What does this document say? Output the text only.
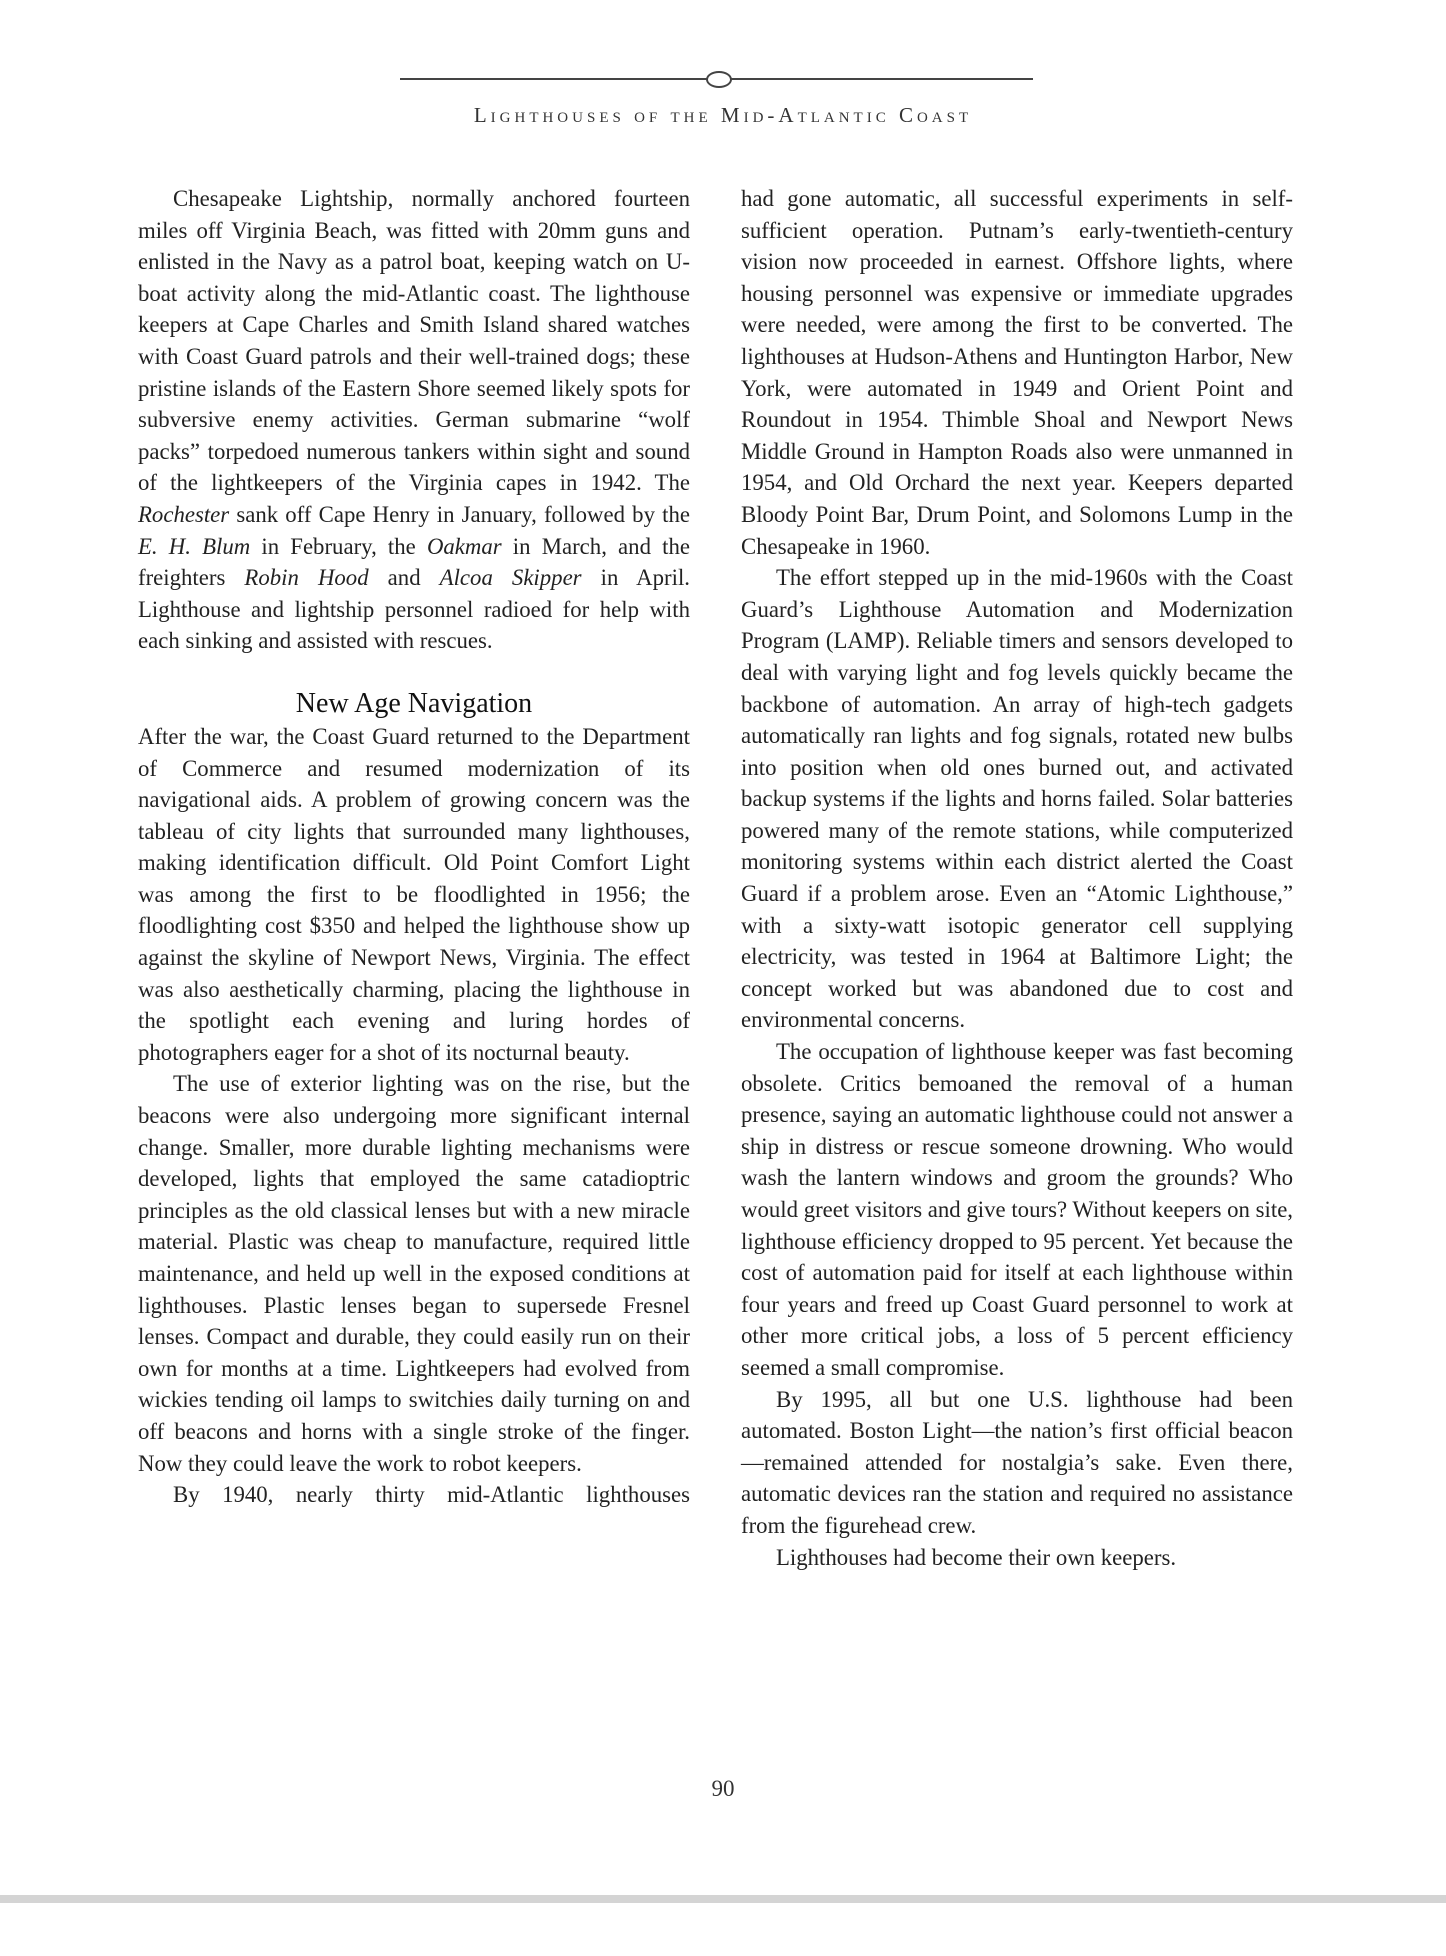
Lighthouses of the Mid-Atlantic Coast

Chesapeake Lightship, normally anchored fourteen miles off Virginia Beach, was fitted with 20mm guns and enlisted in the Navy as a patrol boat, keeping watch on U-boat activity along the mid-Atlantic coast. The lighthouse keepers at Cape Charles and Smith Island shared watches with Coast Guard patrols and their well-trained dogs; these pristine islands of the Eastern Shore seemed likely spots for subversive enemy activities. German submarine “wolf packs” torpedoed numerous tankers within sight and sound of the lightkeepers of the Virginia capes in 1942. The Rochester sank off Cape Henry in January, followed by the E. H. Blum in February, the Oakmar in March, and the freighters Robin Hood and Alcoa Skipper in April. Lighthouse and lightship personnel radioed for help with each sinking and assisted with rescues.

New Age Navigation

After the war, the Coast Guard returned to the Department of Commerce and resumed modernization of its navigational aids. A problem of growing concern was the tableau of city lights that surrounded many lighthouses, making identification difficult. Old Point Comfort Light was among the first to be floodlighted in 1956; the floodlighting cost $350 and helped the lighthouse show up against the skyline of Newport News, Virginia. The effect was also aesthetically charming, placing the lighthouse in the spotlight each evening and luring hordes of photographers eager for a shot of its nocturnal beauty.

The use of exterior lighting was on the rise, but the beacons were also undergoing more significant internal change. Smaller, more durable lighting mechanisms were developed, lights that employed the same catadioptric principles as the old classical lenses but with a new miracle material. Plastic was cheap to manufacture, required little maintenance, and held up well in the exposed conditions at lighthouses. Plastic lenses began to supersede Fresnel lenses. Compact and durable, they could easily run on their own for months at a time. Lightkeepers had evolved from wickies tending oil lamps to switchies daily turning on and off beacons and horns with a single stroke of the finger. Now they could leave the work to robot keepers.

By 1940, nearly thirty mid-Atlantic lighthouses

had gone automatic, all successful experiments in self-sufficient operation. Putnam’s early-twentieth-century vision now proceeded in earnest. Offshore lights, where housing personnel was expensive or immediate upgrades were needed, were among the first to be converted. The lighthouses at Hudson-Athens and Huntington Harbor, New York, were automated in 1949 and Orient Point and Roundout in 1954. Thimble Shoal and Newport News Middle Ground in Hampton Roads also were unmanned in 1954, and Old Orchard the next year. Keepers departed Bloody Point Bar, Drum Point, and Solomons Lump in the Chesapeake in 1960.

The effort stepped up in the mid-1960s with the Coast Guard’s Lighthouse Automation and Modernization Program (LAMP). Reliable timers and sensors developed to deal with varying light and fog levels quickly became the backbone of automation. An array of high-tech gadgets automatically ran lights and fog signals, rotated new bulbs into position when old ones burned out, and activated backup systems if the lights and horns failed. Solar batteries powered many of the remote stations, while computerized monitoring systems within each district alerted the Coast Guard if a problem arose. Even an “Atomic Lighthouse,” with a sixty-watt isotopic generator cell supplying electricity, was tested in 1964 at Baltimore Light; the concept worked but was abandoned due to cost and environmental concerns.

The occupation of lighthouse keeper was fast becoming obsolete. Critics bemoaned the removal of a human presence, saying an automatic lighthouse could not answer a ship in distress or rescue someone drowning. Who would wash the lantern windows and groom the grounds? Who would greet visitors and give tours? Without keepers on site, lighthouse efficiency dropped to 95 percent. Yet because the cost of automation paid for itself at each lighthouse within four years and freed up Coast Guard personnel to work at other more critical jobs, a loss of 5 percent efficiency seemed a small compromise.

By 1995, all but one U.S. lighthouse had been automated. Boston Light—the nation’s first official beacon—remained attended for nostalgia’s sake. Even there, automatic devices ran the station and required no assistance from the figurehead crew.

Lighthouses had become their own keepers.

90
